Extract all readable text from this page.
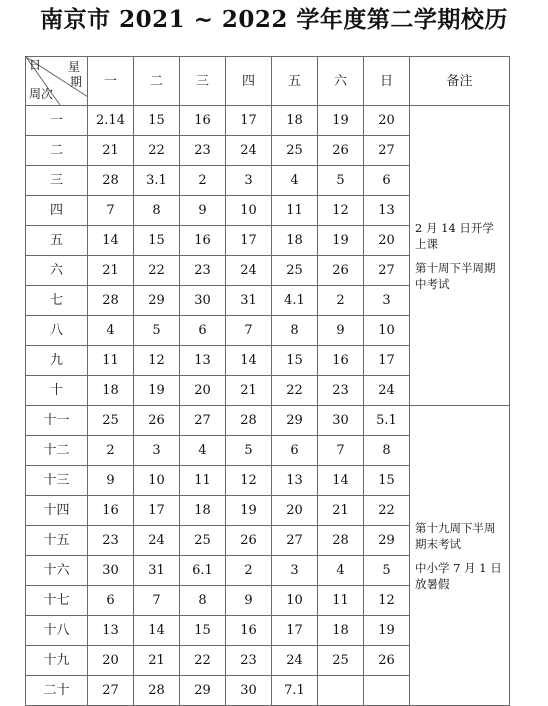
南京市 2021 ~ 2022 学年度第二学期校历
日 星
期
周次	一	二	三	四	五	六	日	备注
一	2.14	15	16	17	18	19	20	2 月 14 日开学上课

第十周下半周期中考试

二	21	22	23	24	25	26	27	
三	28	3.1	2	3	4	5	6	
四	7	8	9	10	11	12	13	
五	14	15	16	17	18	19	20	
六	21	22	23	24	25	26	27	
七	28	29	30	31	4.1	2	3	
八	4	5	6	7	8	9	10	
九	11	12	13	14	15	16	17	
十	18	19	20	21	22	23	24	
十一	25	26	27	28	29	30	5.1	第十九周下半周期末考试

中小学 7 月 1 日放暑假

十二	2	3	4	5	6	7	8	
十三	9	10	11	12	13	14	15	
十四	16	17	18	19	20	21	22	
十五	23	24	25	26	27	28	29	
十六	30	31	6.1	2	3	4	5	
十七	6	7	8	9	10	11	12	
十八	13	14	15	16	17	18	19	
十九	20	21	22	23	24	25	26	
二十	27	28	29	30	7.1			
